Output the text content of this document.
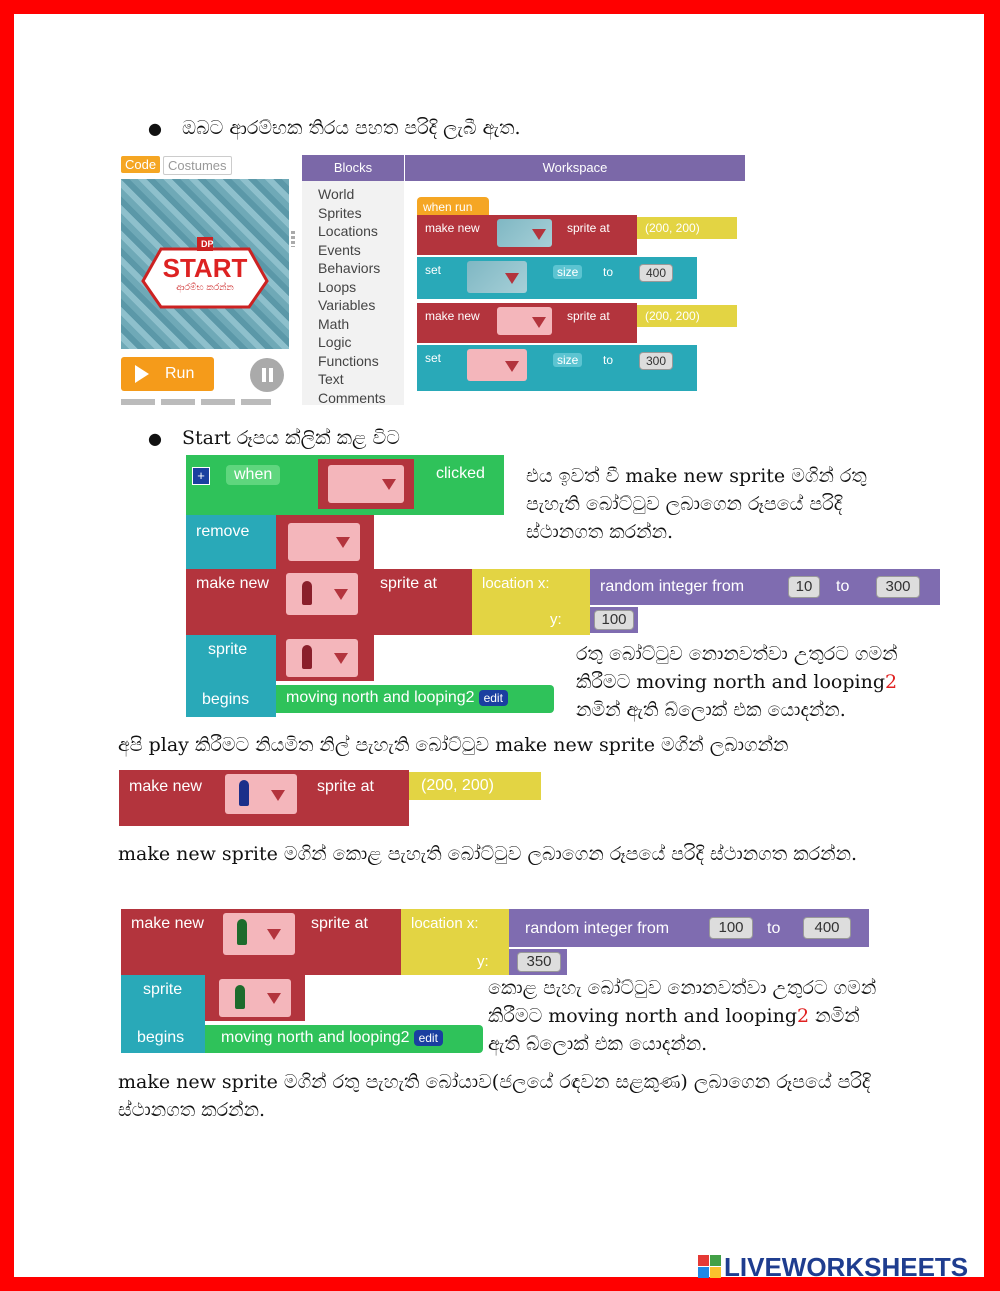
● ඔබට ආරම්භක තිරය පහත පරිදි ලැබී ඇත.
Code Costumes
DP
START
ආරම්භ කරන්න
Run
Blocks	Workspace
World
Sprites
Locations
Events
Behaviors
Loops
Variables
Math
Logic
Functions
Text
Comments
when run
make new	sprite at	(200, 200)
set	size	to	400
make new	sprite at	(200, 200)
set	size	to	300
● Start රූපය ක්ලික් කළ විට
+	when	clicked
remove
make new	sprite at	location x:
y:
random integer from	10	to	300
100
sprite
begins	moving north and looping2 edit
එය ඉවත් වී make new sprite මගින් රතු පැහැති බෝට්ටුව ලබාගෙන රූපයේ පරිදි ස්ථානගත කරන්න.
රතු බෝට්ටුව නොනවත්වා උතුරට ගමන් කිරීමට moving north and looping2 නමින් ඇති බ්ලොක් එක යොදන්න.
අපි play කිරීමට නියමිත නිල් පැහැති බෝට්ටුව make new sprite මගින් ලබාගන්න
make new	sprite at	(200, 200)
make new sprite මගින් කොළ පැහැති බෝට්ටුව ලබාගෙන රූපයේ පරිදි ස්ථානගත කරන්න.
make new	sprite at	location x:
y:
random integer from	100	to	400
350
sprite
begins	moving north and looping2 edit
කොළ පැහැ බෝට්ටුව නොනවත්වා උතුරට ගමන් කිරීමට moving north and looping2 නමින් ඇති බ්ලොක් එක යොදන්න.
make new sprite මගින් රතු පැහැති බෝයාව(ජලයේ රඳවන සළකුණ) ලබාගෙන රූපයේ පරිදි ස්ථානගත කරන්න.
LIVEWORKSHEETS
